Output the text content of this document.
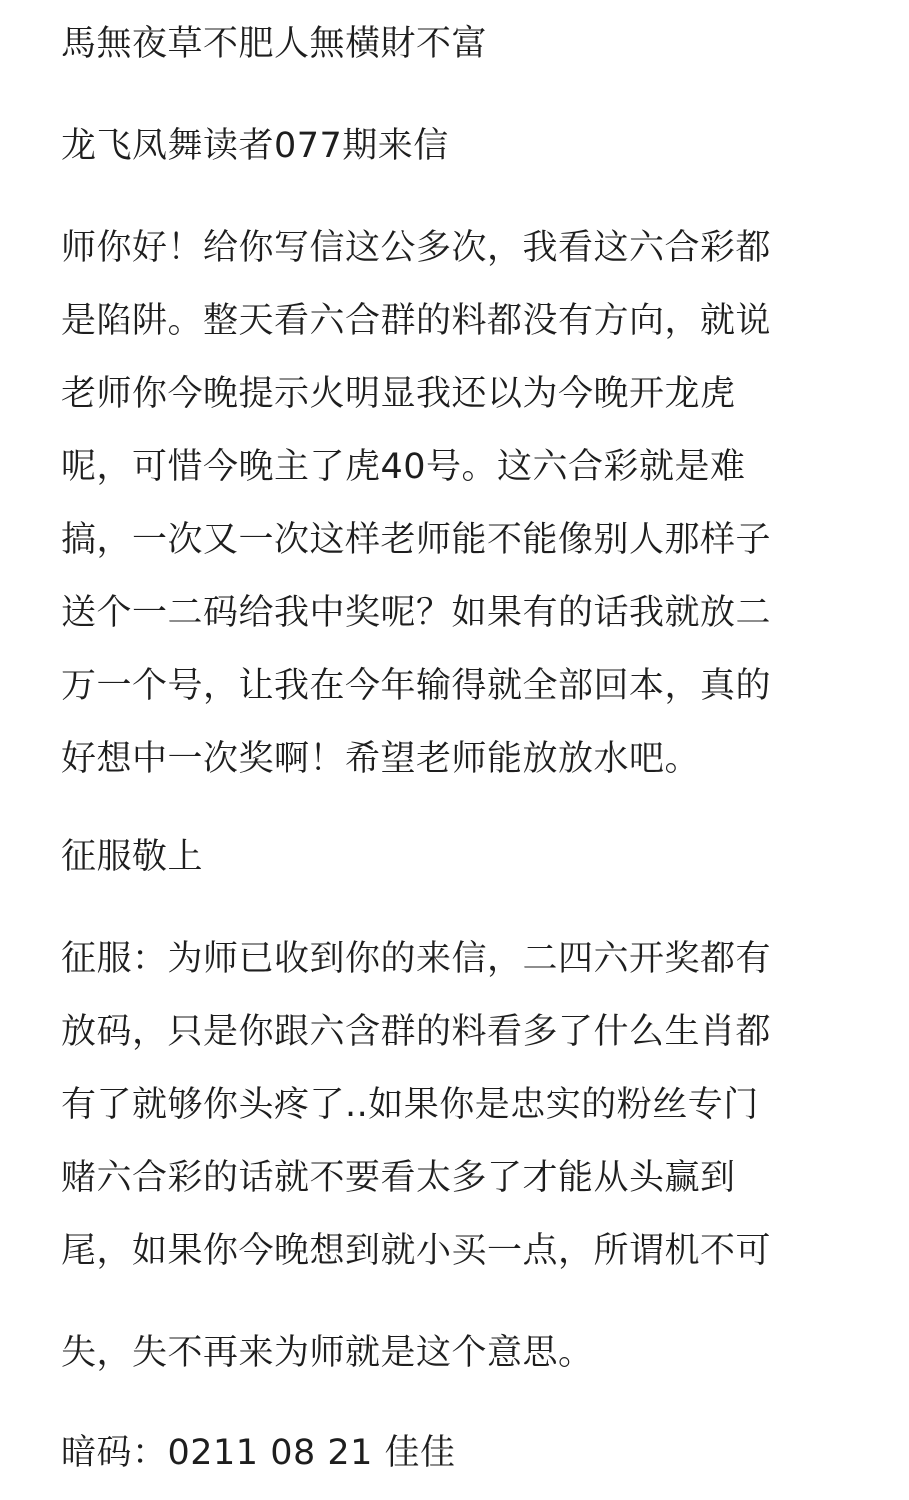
馬無夜草不肥人無橫財不富
龙飞凤舞读者077期来信
师你好！给你写信这公多次，我看这六合彩都
是陷阱。整天看六合群的料都没有方向，就说
老师你今晚提示火明显我还以为今晚开龙虎
呢，可惜今晚主了虎40号。这六合彩就是难
搞，一次又一次这样老师能不能像别人那样子
送个一二码给我中奖呢？如果有的话我就放二
万一个号，让我在今年输得就全部回本，真的
好想中一次奖啊！希望老师能放放水吧。
征服敬上
征服：为师已收到你的来信，二四六开奖都有
放码，只是你跟六含群的料看多了什么生肖都
有了就够你头疼了..如果你是忠实的粉丝专门
赌六合彩的话就不要看太多了才能从头赢到
尾，如果你今晚想到就小买一点，所谓机不可
失，失不再来为师就是这个意思。
暗码：0211 08 21 佳佳
